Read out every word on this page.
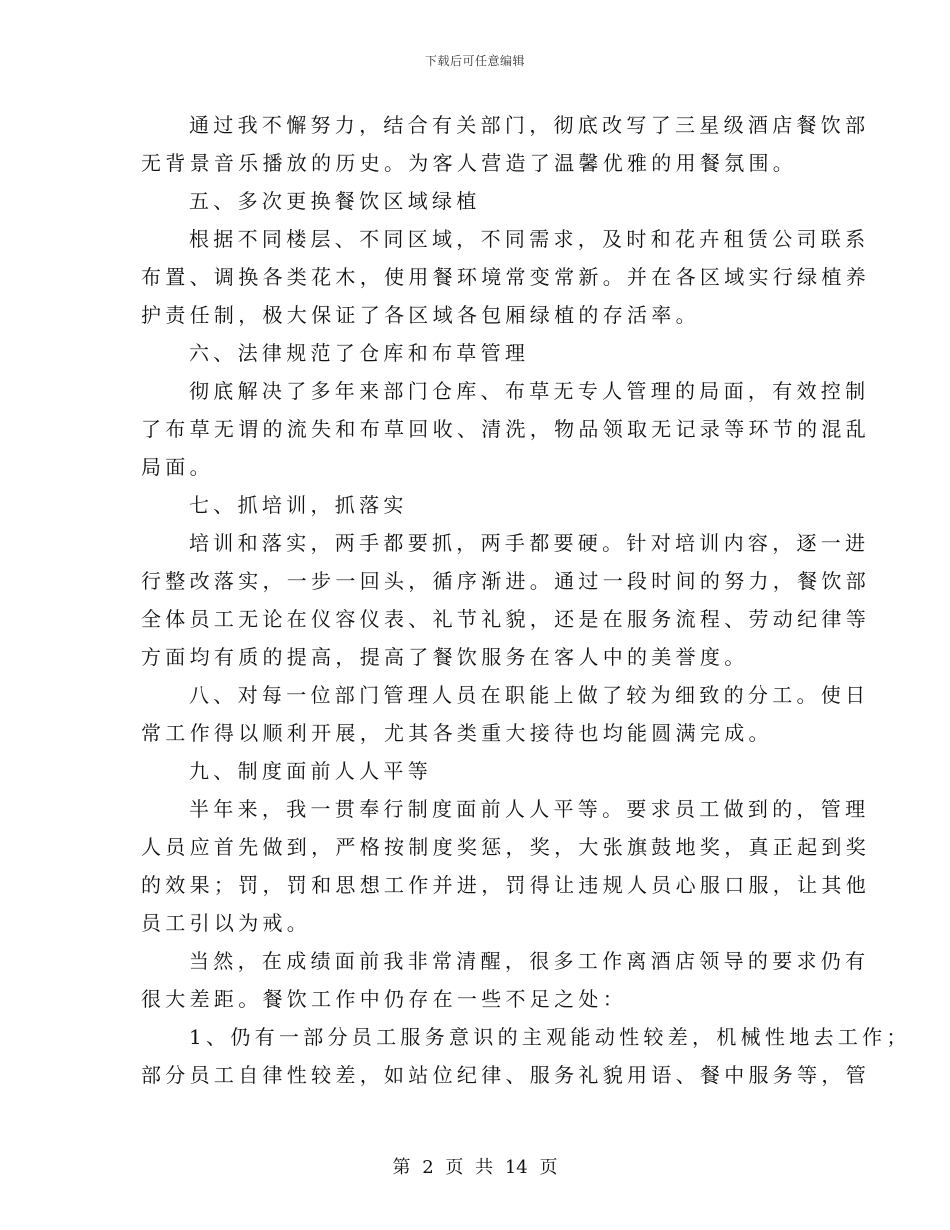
下载后可任意编辑
通过我不懈努力，结合有关部门，彻底改写了三星级酒店餐饮部
无背景音乐播放的历史。为客人营造了温馨优雅的用餐氛围。
五、多次更换餐饮区域绿植
根据不同楼层、不同区域，不同需求，及时和花卉租赁公司联系
布置、调换各类花木，使用餐环境常变常新。并在各区域实行绿植养
护责任制，极大保证了各区域各包厢绿植的存活率。
六、法律规范了仓库和布草管理
彻底解决了多年来部门仓库、布草无专人管理的局面，有效控制
了布草无谓的流失和布草回收、清洗，物品领取无记录等环节的混乱
局面。
七、抓培训，抓落实
培训和落实，两手都要抓，两手都要硬。针对培训内容，逐一进
行整改落实，一步一回头，循序渐进。通过一段时间的努力，餐饮部
全体员工无论在仪容仪表、礼节礼貌，还是在服务流程、劳动纪律等
方面均有质的提高，提高了餐饮服务在客人中的美誉度。
八、对每一位部门管理人员在职能上做了较为细致的分工。使日
常工作得以顺利开展，尤其各类重大接待也均能圆满完成。
九、制度面前人人平等
半年来，我一贯奉行制度面前人人平等。要求员工做到的，管理
人员应首先做到，严格按制度奖惩，奖，大张旗鼓地奖，真正起到奖
的效果；罚，罚和思想工作并进，罚得让违规人员心服口服，让其他
员工引以为戒。
当然，在成绩面前我非常清醒，很多工作离酒店领导的要求仍有
很大差距。餐饮工作中仍存在一些不足之处：
1、仍有一部分员工服务意识的主观能动性较差，机械性地去工作；
部分员工自律性较差，如站位纪律、服务礼貌用语、餐中服务等，管
第 2 页 共 14 页
